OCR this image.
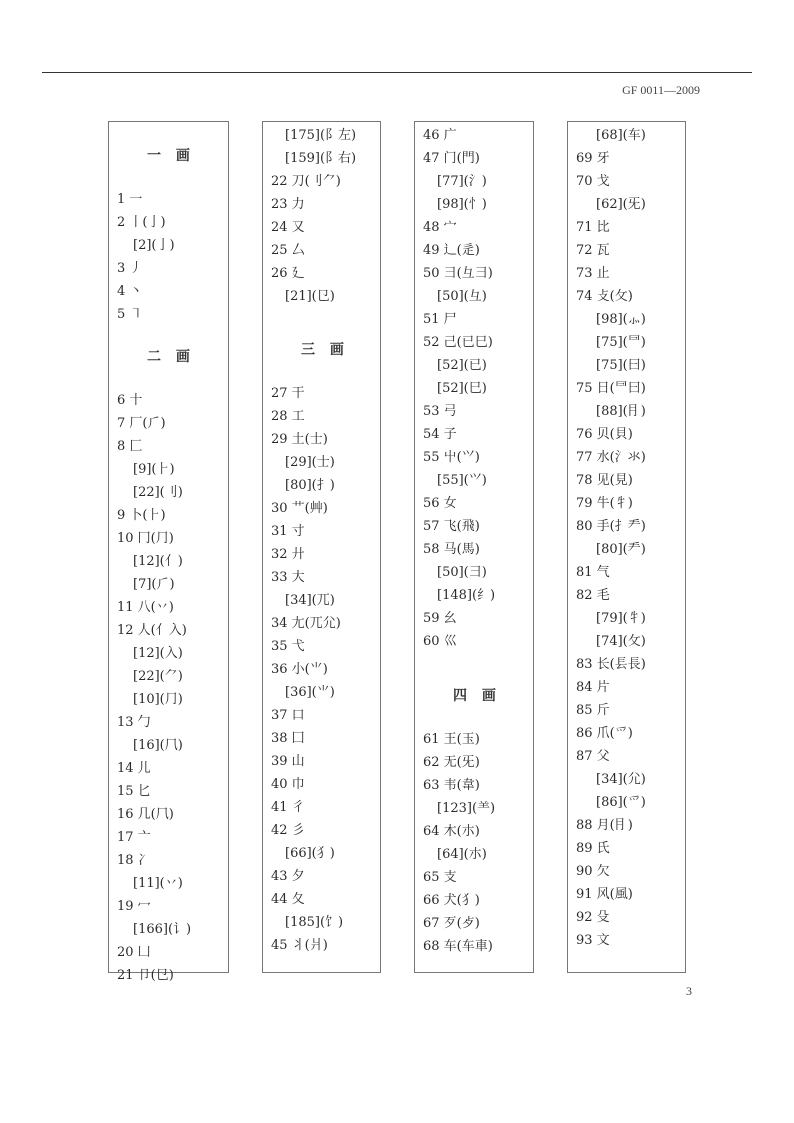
GF 0011—2009
一 画
1 一
2 丨(亅)
[2](亅)
3 丿
4 丶
5 ㇕
二 画
6 十
7 厂(⺁)
8 匚
[9](⺊)
[22](刂)
9 卜(⺊)
10 冂(⺆)
[12](亻)
[7](⺁)
11 八(丷)
12 人(亻入)
[12](入)
[22](⺈)
[10](⺆)
13 勹
[16](⺇)
14 儿
15 匕
16 几(⺇)
17 亠
18 冫
[11](丷)
19 冖
[166](讠)
20 凵
21 卩(㔾)
[175](阝左)
[159](阝右)
22 刀(刂⺈)
23 力
24 又
25 厶
26 廴
[21](㔾)
三 画
27 干
28 工
29 土(士)
[29](士)
[80](扌)
30 艹(艸)
31 寸
32 廾
33 大
[34](兀)
34 尢(兀尣)
35 弋
36 小(⺌)
[36](⺌)
37 口
38 囗
39 山
40 巾
41 彳
42 彡
[66](犭)
43 夕
44 夂
[185](饣)
45 丬(爿)
46 广
47 门(門)
[77](氵)
[98](忄)
48 宀
49 辶(辵)
50 彐(彑⺕)
[50](彑)
51 尸
52 己(已巳)
[52](已)
[52](巳)
53 弓
54 子
55 屮(⺍)
[55](⺍)
56 女
57 飞(飛)
58 马(馬)
[50](⺕)
[148](纟)
59 幺
60 巛
四 画
61 王(玉)
62 无(旡)
63 韦(韋)
[123](⺷)
64 木(朩)
[64](朩)
65 支
66 犬(犭)
67 歹(歺)
68 车(车車)
[68](车)
69 牙
70 戈
[62](旡)
71 比
72 瓦
73 止
74 攴(攵)
[98](⺗)
[75](⺜)
[75](曰)
75 日(⺜曰)
[88](⺝)
76 贝(貝)
77 水(氵氺)
78 见(見)
79 牛(牜)
80 手(扌龵)
[80](龵)
81 气
82 毛
[79](牜)
[74](攵)
83 长(镸長)
84 片
85 斤
86 爪(爫)
87 父
[34](尣)
[86](爫)
88 月(⺝)
89 氏
90 欠
91 风(風)
92 殳
93 文
3
